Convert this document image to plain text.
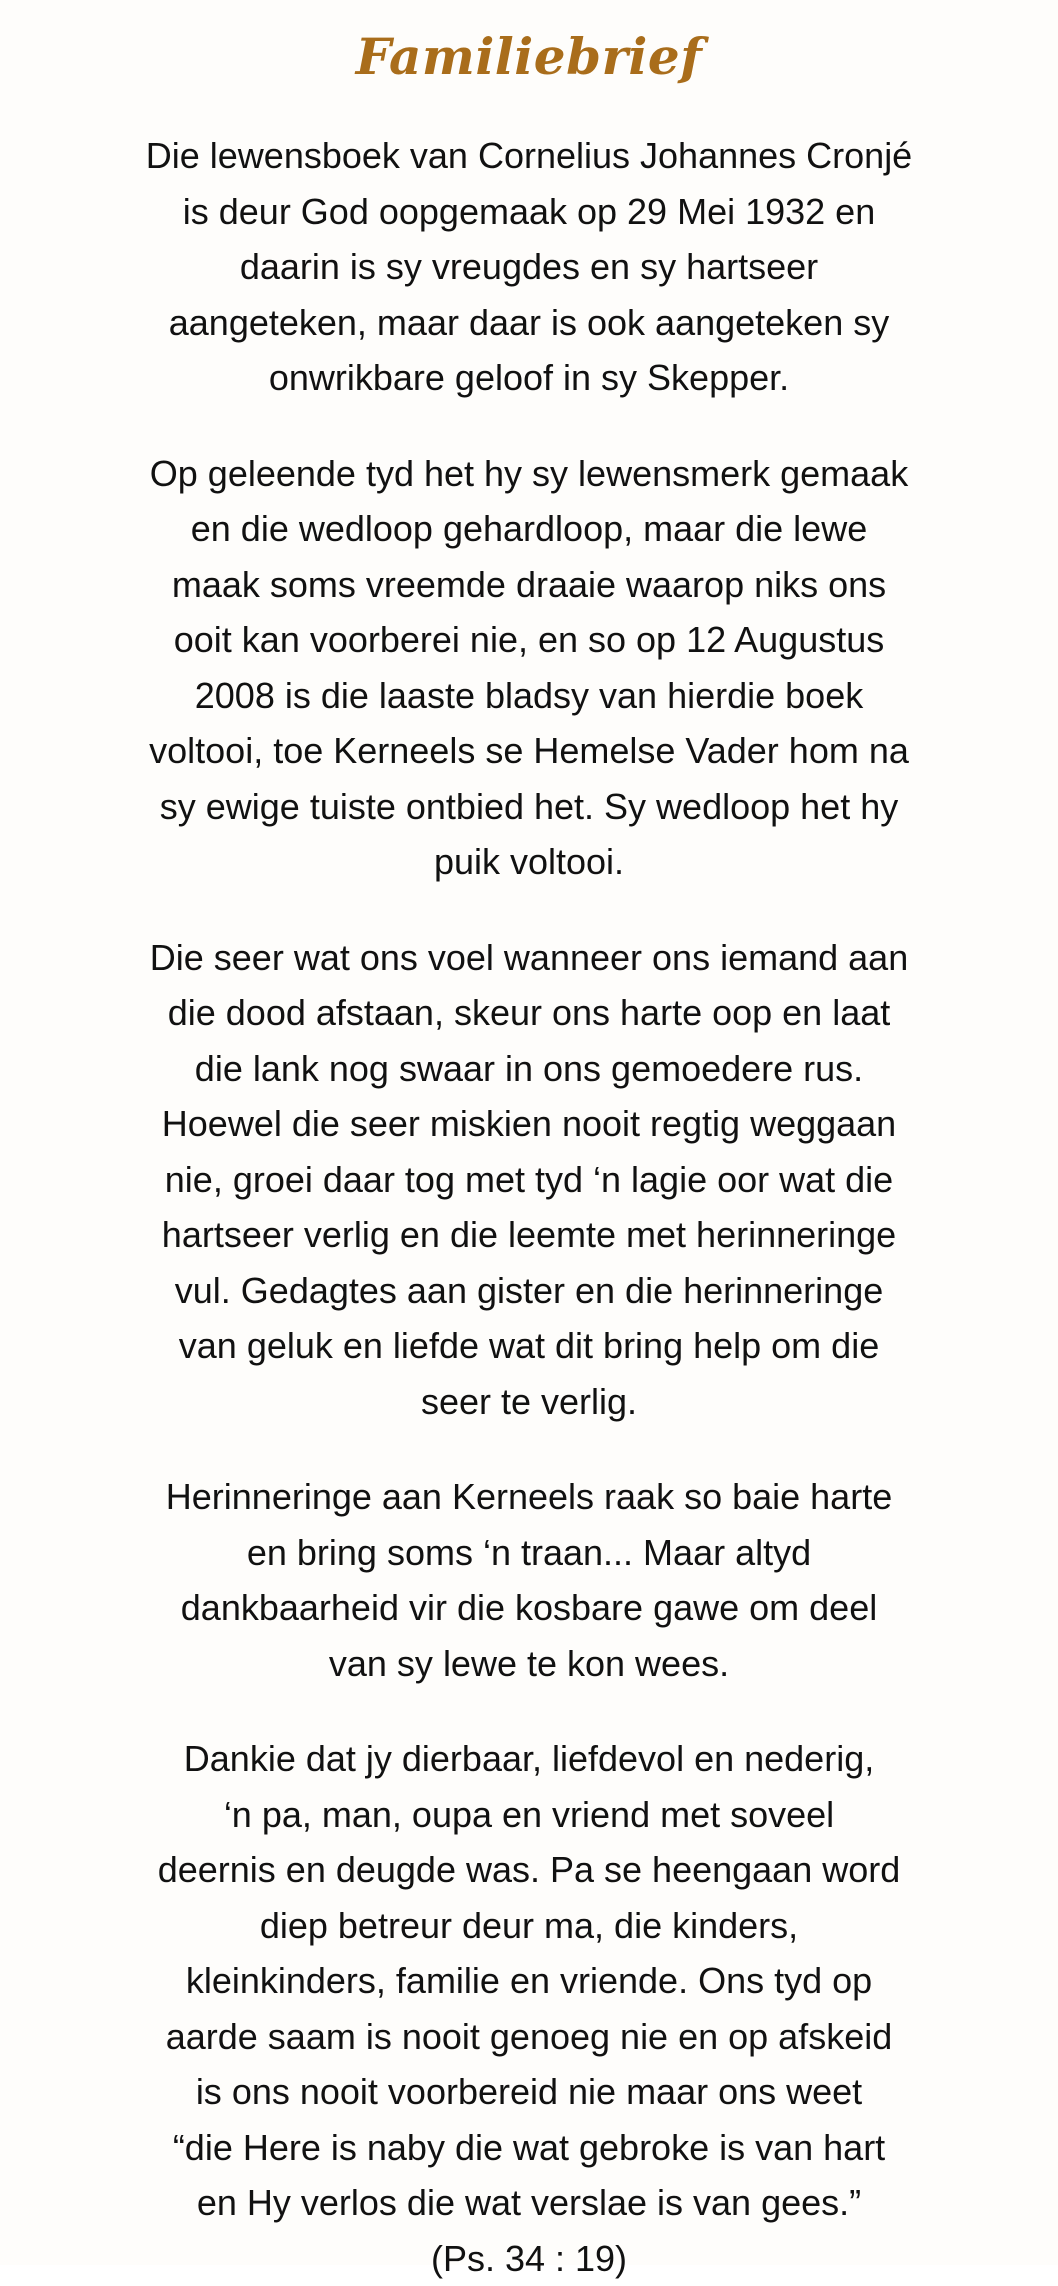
Familiebrief

Die lewensboek van Cornelius Johannes Cronjé
is deur God oopgemaak op 29 Mei 1932 en
daarin is sy vreugdes en sy hartseer
aangeteken, maar daar is ook aangeteken sy
onwrikbare geloof in sy Skepper.

Op geleende tyd het hy sy lewensmerk gemaak
en die wedloop gehardloop, maar die lewe
maak soms vreemde draaie waarop niks ons
ooit kan voorberei nie, en so op 12 Augustus
2008 is die laaste bladsy van hierdie boek
voltooi, toe Kerneels se Hemelse Vader hom na
sy ewige tuiste ontbied het. Sy wedloop het hy
puik voltooi.

Die seer wat ons voel wanneer ons iemand aan
die dood afstaan, skeur ons harte oop en laat
die lank nog swaar in ons gemoedere rus.
Hoewel die seer miskien nooit regtig weggaan
nie, groei daar tog met tyd ‘n lagie oor wat die
hartseer verlig en die leemte met herinneringe
vul. Gedagtes aan gister en die herinneringe
van geluk en liefde wat dit bring help om die
seer te verlig.

Herinneringe aan Kerneels raak so baie harte
en bring soms ‘n traan... Maar altyd
dankbaarheid vir die kosbare gawe om deel
van sy lewe te kon wees.

Dankie dat jy dierbaar, liefdevol en nederig,
‘n pa, man, oupa en vriend met soveel
deernis en deugde was. Pa se heengaan word
diep betreur deur ma, die kinders,
kleinkinders, familie en vriende. Ons tyd op
aarde saam is nooit genoeg nie en op afskeid
is ons nooit voorbereid nie maar ons weet
“die Here is naby die wat gebroke is van hart
en Hy verlos die wat verslae is van gees.”
(Ps. 34 : 19)
